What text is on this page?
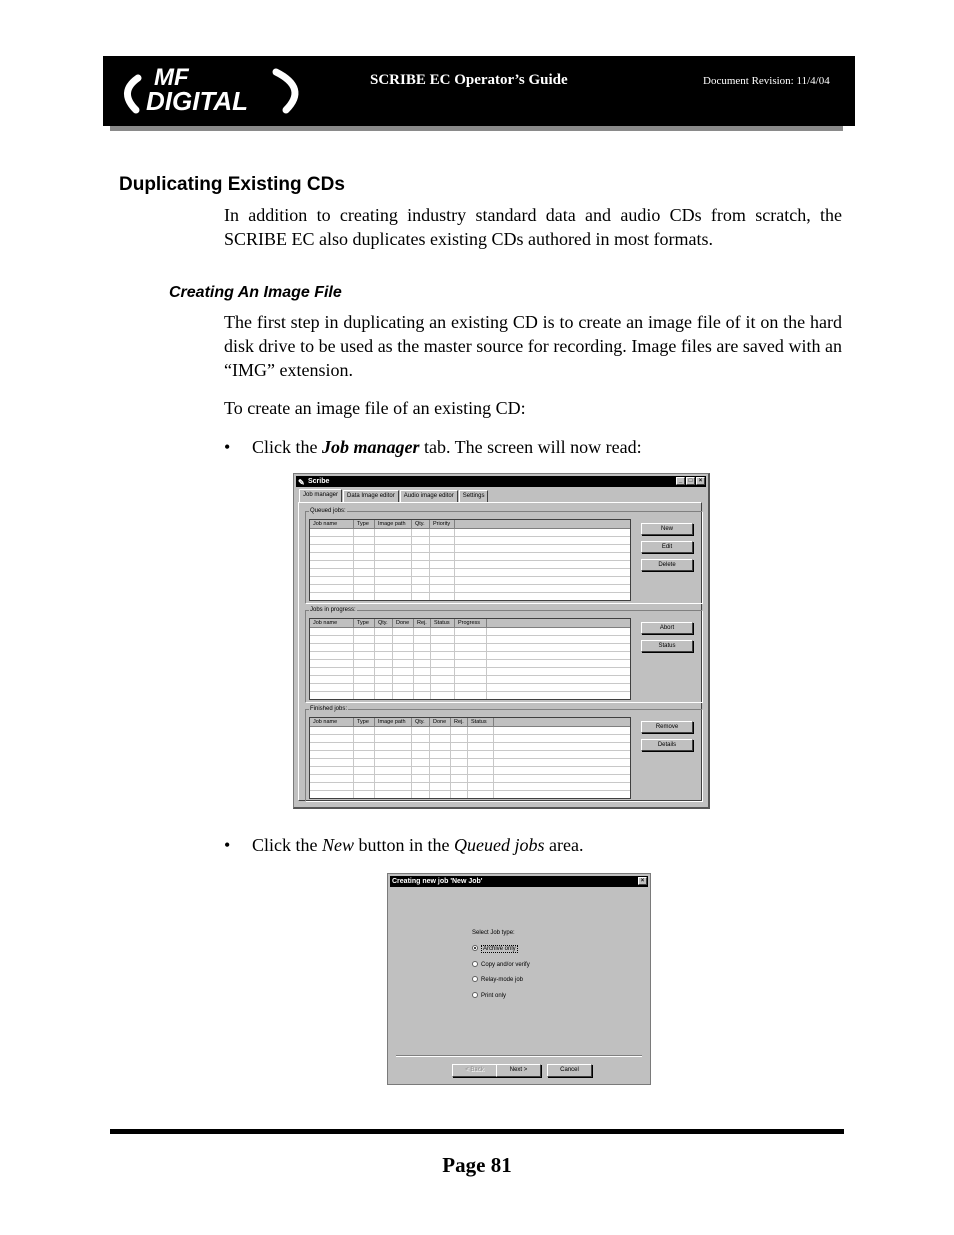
MF
DIGITAL
SCRIBE EC Operator’s Guide	Document Revision: 11/4/04
Duplicating Existing CDs
In addition to creating industry standard data and audio CDs from scratch, the SCRIBE EC also duplicates existing CDs authored in most formats.
Creating An Image File
The first step in duplicating an existing CD is to create an image file of it on the hard disk drive to be used as the master source for recording. Image files are saved with an “IMG” extension.
To create an image file of an existing CD:
• Click the Job manager tab. The screen will now read:
✎ Scribe	_	□	×
Job manager	Data Image editor	Audio image editor	Settings
Queued jobs:
Job name	Type	Image path	Qty.	Priority
New
Edit
Delete
Jobs in progress:
Job name	Type	Qty.	Done	Rej.	Status	Progress
Abort
Status
Finished jobs:
Job name	Type	Image path	Qty.	Done	Rej.	Status
Remove
Details
• Click the New button in the Queued jobs area.
Creating new job 'New Job'	×
Select Job type:
Archive only
Copy and/or verify
Relay-mode job
Print only
< Back	Next >	Cancel
Page 81
